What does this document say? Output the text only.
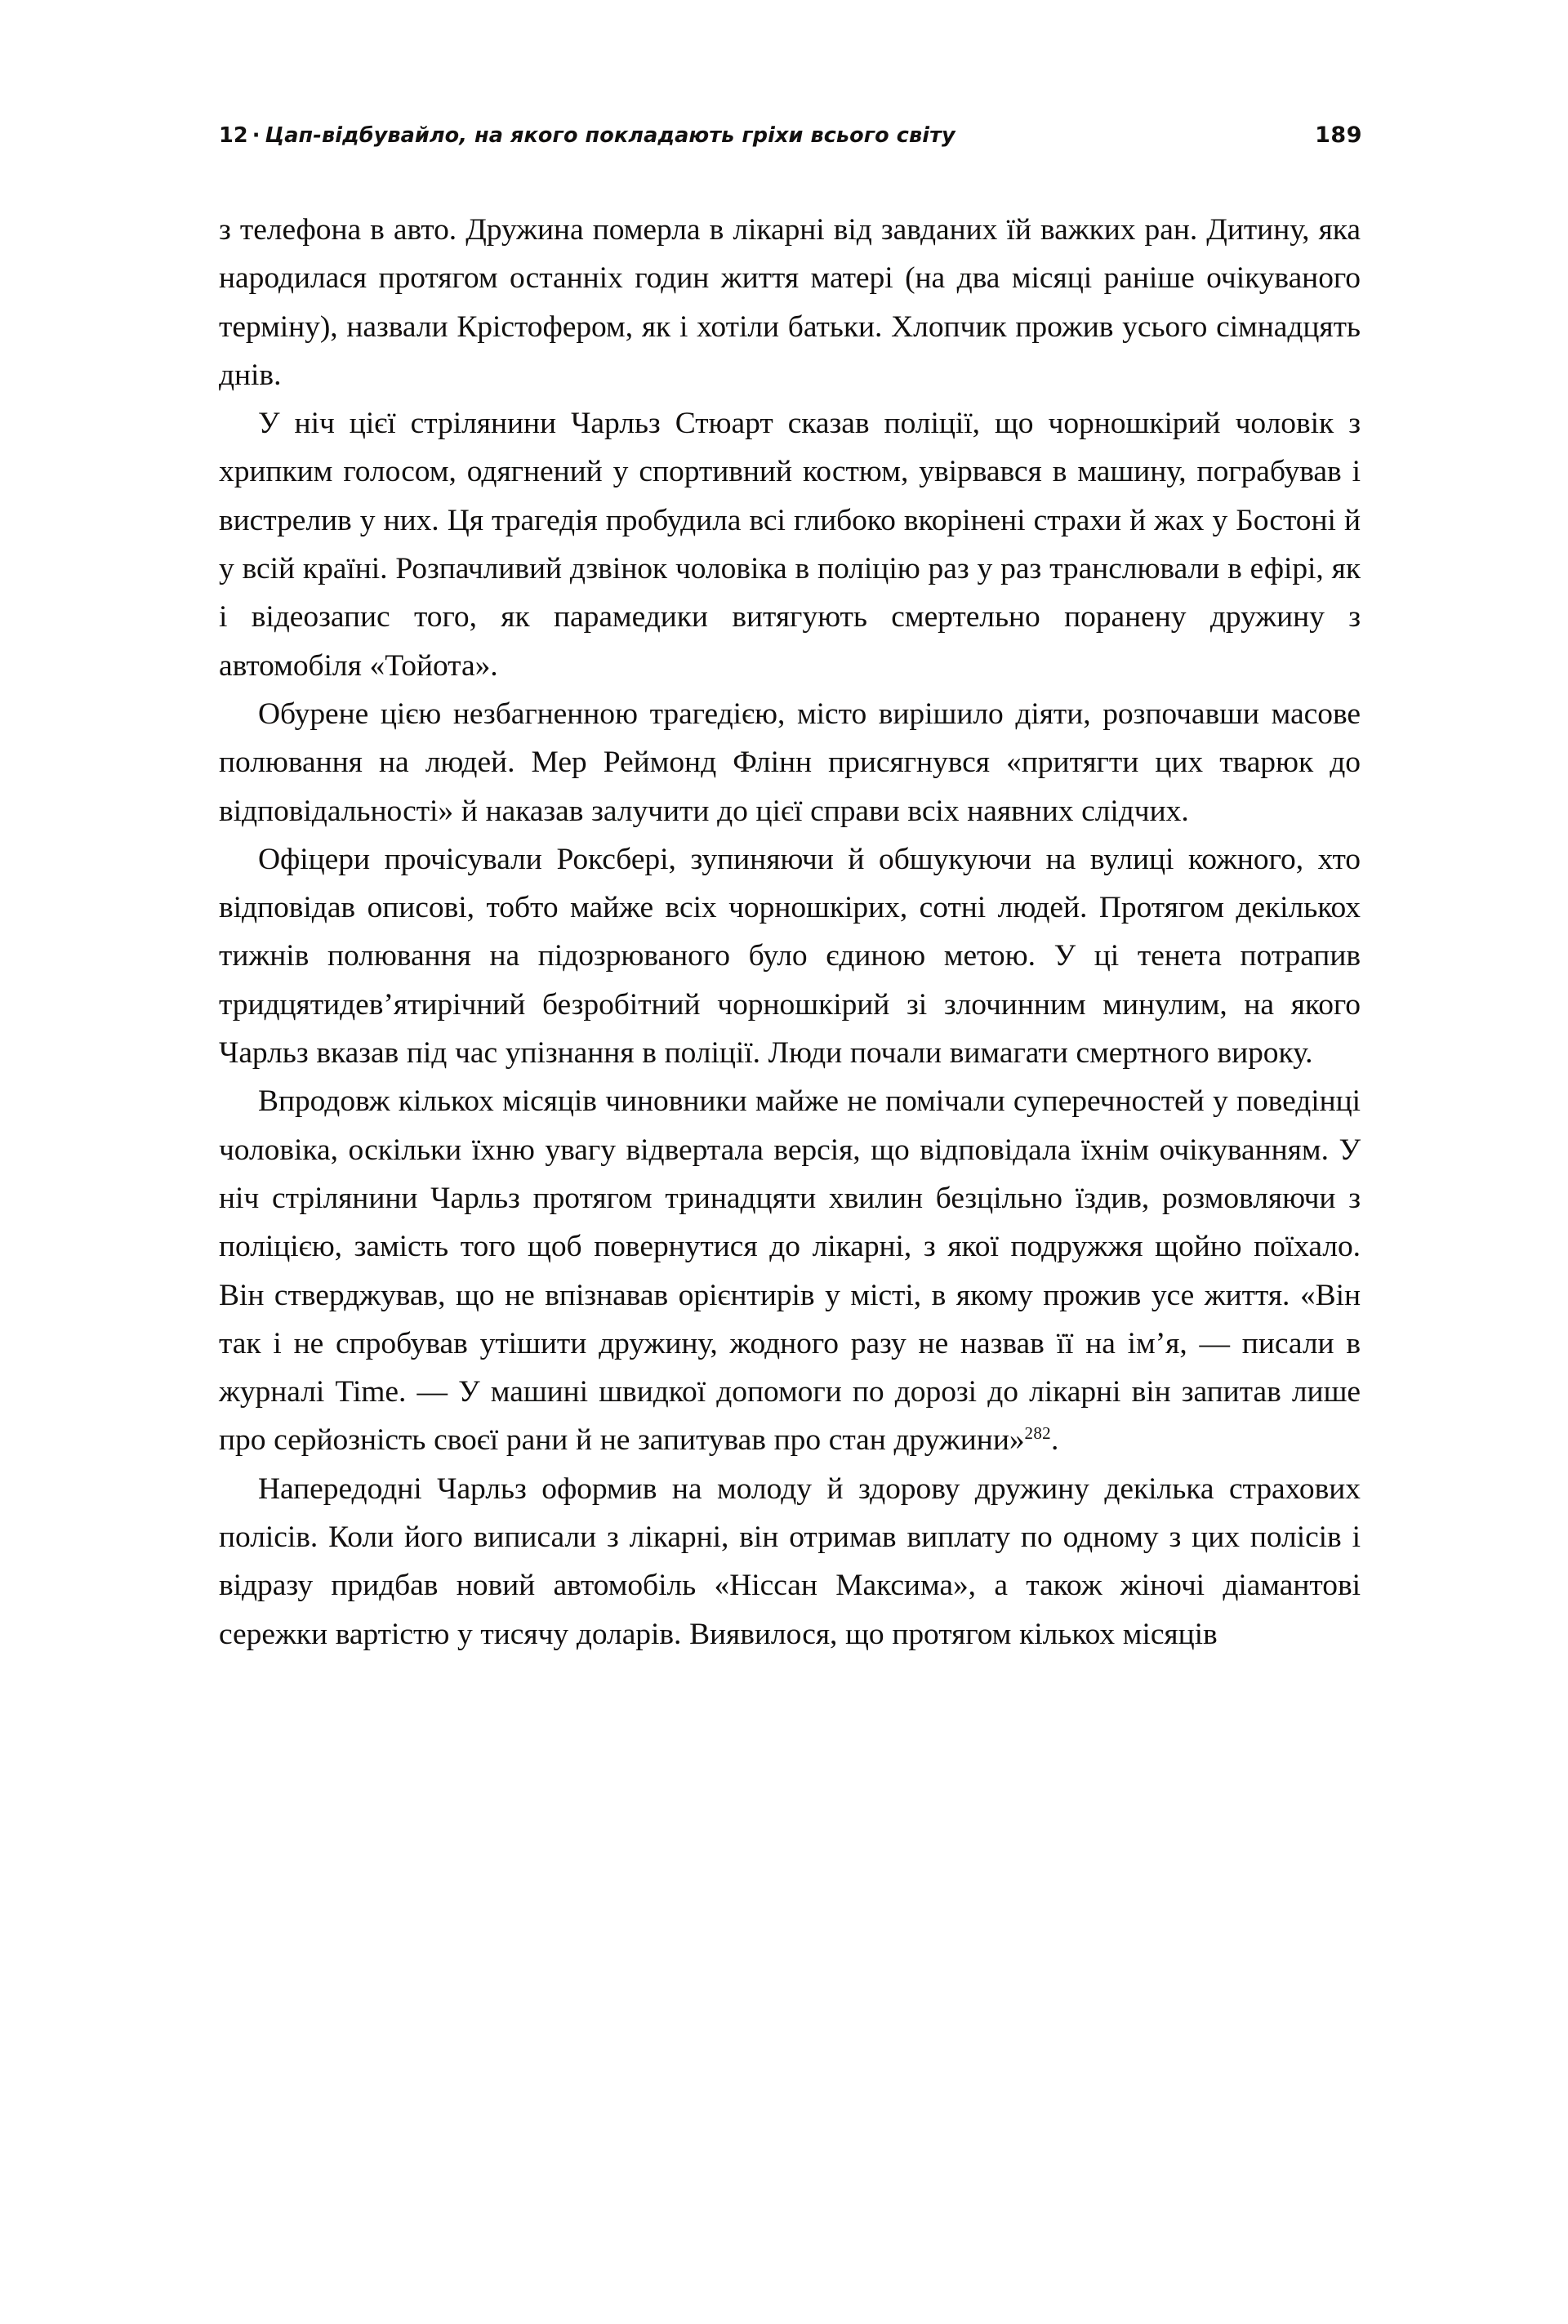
12 · Цап-відбувайло, на якого покладають гріхи всього світу	189

з телефона в авто. Дружина померла в лікарні від завданих їй важких ран. Дитину, яка народилася протягом останніх годин життя матері (на два місяці раніше очікуваного терміну), назвали Крістофером, як і хотіли батьки. Хлопчик прожив усього сімнадцять днів.

У ніч цієї стрілянини Чарльз Стюарт сказав поліції, що чорношкірий чоловік з хрипким голосом, одягнений у спортивний костюм, увірвався в машину, пограбував і вистрелив у них. Ця трагедія пробудила всі глибоко вкорінені страхи й жах у Бостоні й у всій країні. Розпачливий дзвінок чоловіка в поліцію раз у раз транслювали в ефірі, як і відеозапис того, як парамедики витягують смертельно поранену дружину з автомобіля «Тойота».

Обурене цією незбагненною трагедією, місто вирішило діяти, розпочавши масове полювання на людей. Мер Реймонд Флінн присягнувся «притягти цих тварюк до відповідальності» й наказав залучити до цієї справи всіх наявних слідчих.

Офіцери прочісували Роксбері, зупиняючи й обшукуючи на вулиці кожного, хто відповідав описові, тобто майже всіх чорношкірих, сотні людей. Протягом декількох тижнів полювання на підозрюваного було єдиною метою. У ці тенета потрапив тридцятидев’ятирічний безробітний чорношкірий зі злочинним минулим, на якого Чарльз вказав під час упізнання в поліції. Люди почали вимагати смертного вироку.

Впродовж кількох місяців чиновники майже не помічали суперечностей у поведінці чоловіка, оскільки їхню увагу відвертала версія, що відповідала їхнім очікуванням. У ніч стрілянини Чарльз протягом тринадцяти хвилин безцільно їздив, розмовляючи з поліцією, замість того щоб повернутися до лікарні, з якої подружжя щойно поїхало. Він стверджував, що не впізнавав орієнтирів у місті, в якому прожив усе життя. «Він так і не спробував утішити дружину, жодного разу не назвав її на ім’я, — писали в журналі Time. — У машині швидкої допомоги по дорозі до лікарні він запитав лише про серйозність своєї рани й не запитував про стан дружини»$^{282}$.

Напередодні Чарльз оформив на молоду й здорову дружину декілька страхових полісів. Коли його виписали з лікарні, він отримав виплату по одному з цих полісів і відразу придбав новий автомобіль «Ніссан Максима», а також жіночі діамантові сережки вартістю у тисячу доларів. Виявилося, що протягом кількох місяців
